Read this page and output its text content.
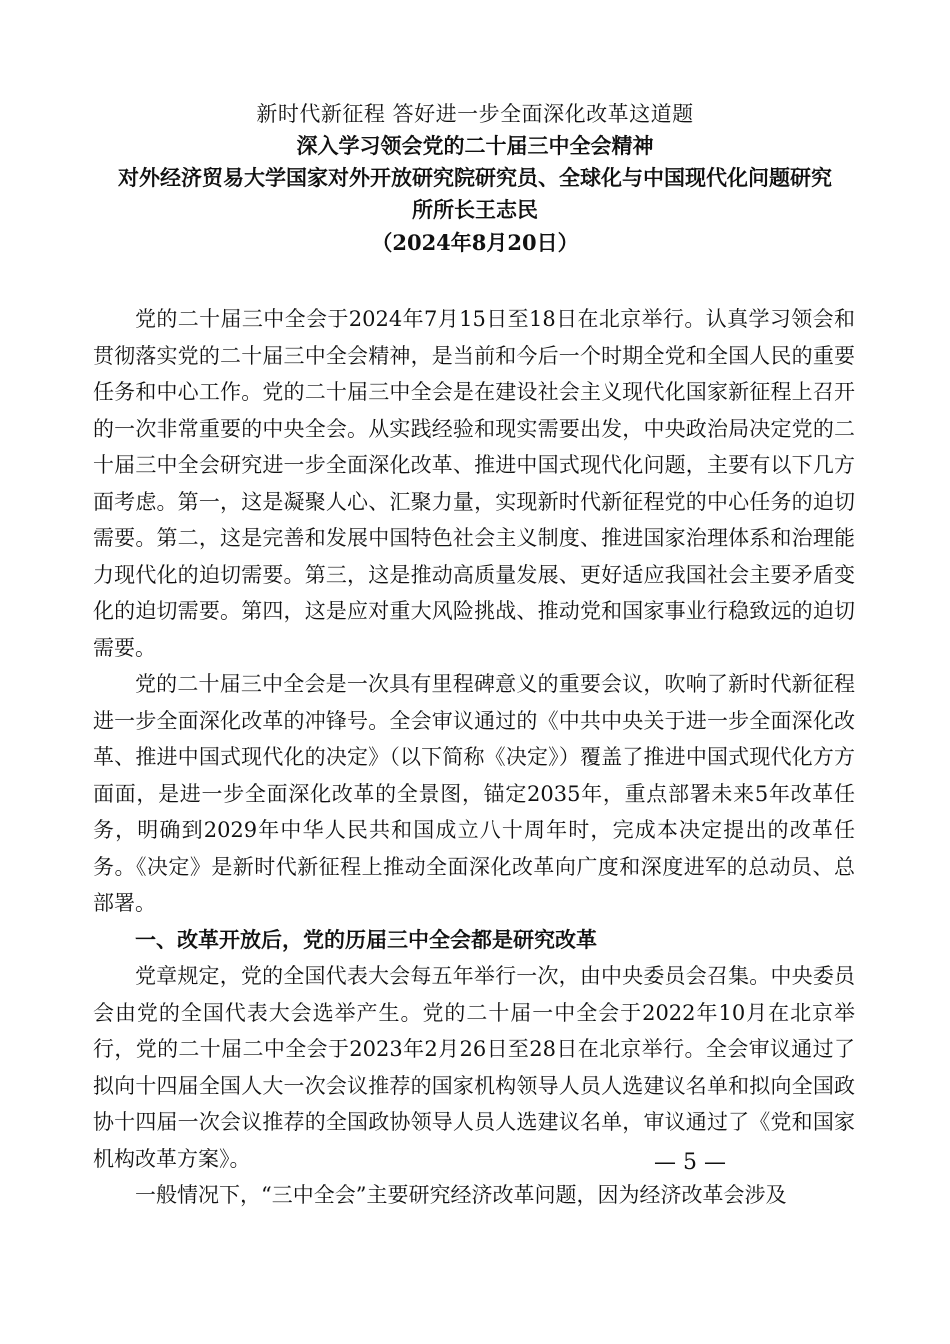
新时代新征程 答好进一步全面深化改革这道题
深入学习领会党的二十届三中全会精神
对外经济贸易大学国家对外开放研究院研究员、全球化与中国现代化问题研究
所所长王志民
（2024年8月20日）

党的二十届三中全会于2024年7月15日至18日在北京举行。认真学习领会和贯彻落实党的二十届三中全会精神，是当前和今后一个时期全党和全国人民的重要任务和中心工作。党的二十届三中全会是在建设社会主义现代化国家新征程上召开的一次非常重要的中央全会。从实践经验和现实需要出发，中央政治局决定党的二十届三中全会研究进一步全面深化改革、推进中国式现代化问题，主要有以下几方面考虑。第一，这是凝聚人心、汇聚力量，实现新时代新征程党的中心任务的迫切需要。第二，这是完善和发展中国特色社会主义制度、推进国家治理体系和治理能力现代化的迫切需要。第三，这是推动高质量发展、更好适应我国社会主要矛盾变化的迫切需要。第四，这是应对重大风险挑战、推动党和国家事业行稳致远的迫切需要。

党的二十届三中全会是一次具有里程碑意义的重要会议，吹响了新时代新征程进一步全面深化改革的冲锋号。全会审议通过的《中共中央关于进一步全面深化改革、推进中国式现代化的决定》（以下简称《决定》）覆盖了推进中国式现代化方方面面，是进一步全面深化改革的全景图，锚定2035年，重点部署未来5年改革任务，明确到2029年中华人民共和国成立八十周年时，完成本决定提出的改革任务。《决定》是新时代新征程上推动全面深化改革向广度和深度进军的总动员、总部署。

一、改革开放后，党的历届三中全会都是研究改革

党章规定，党的全国代表大会每五年举行一次，由中央委员会召集。中央委员会由党的全国代表大会选举产生。党的二十届一中全会于2022年10月在北京举行，党的二十届二中全会于2023年2月26日至28日在北京举行。全会审议通过了拟向十四届全国人大一次会议推荐的国家机构领导人员人选建议名单和拟向全国政协十四届一次会议推荐的全国政协领导人员人选建议名单，审议通过了《党和国家机构改革方案》。

一般情况下，“三中全会”主要研究经济改革问题，因为经济改革会涉及

— 5 —
